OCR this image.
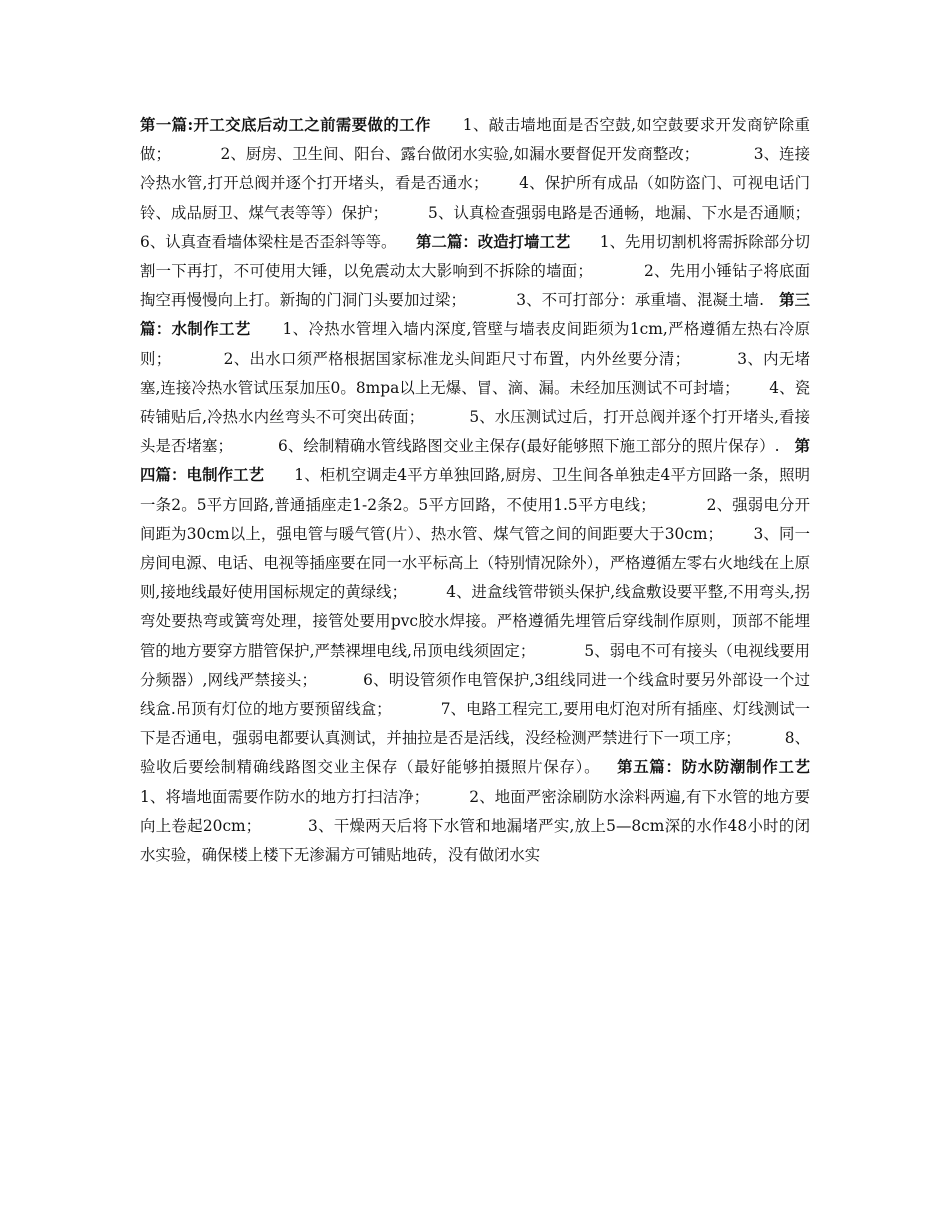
第一篇:开工交底后动工之前需要做的工作      1、敲击墙地面是否空鼓,如空鼓要求开发商铲除重做；          2、厨房、卫生间、阳台、露台做闭水实验,如漏水要督促开发商整改；           3、连接冷热水管,打开总阀并逐个打开堵头，看是否通水；      4、保护所有成品（如防盗门、可视电话门铃、成品厨卫、煤气表等等）保护；        5、认真检查强弱电路是否通畅，地漏、下水是否通顺；         6、认真查看墙体梁柱是否歪斜等等。    第二篇：改造打墙工艺      1、先用切割机将需拆除部分切割一下再打，不可使用大锤，以免震动太大影响到不拆除的墙面；          2、先用小锤钻子将底面掏空再慢慢向上打。新掏的门洞门头要加过梁；          3、不可打部分：承重墙、混凝土墙.   第三篇：水制作工艺      1、冷热水管埋入墙内深度,管壁与墙表皮间距须为1cm,严格遵循左热右冷原则；          2、出水口须严格根据国家标准龙头间距尺寸布置，内外丝要分清；         3、内无堵塞,连接冷热水管试压泵加压0。8mpa以上无爆、冒、滴、漏。未经加压测试不可封墙；      4、瓷砖铺贴后,冷热水内丝弯头不可突出砖面；         5、水压测试过后，打开总阀并逐个打开堵头,看接头是否堵塞；         6、绘制精确水管线路图交业主保存(最好能够照下施工部分的照片保存）.   第四篇：电制作工艺      1、柜机空调走4平方单独回路,厨房、卫生间各单独走4平方回路一条，照明一条2。5平方回路,普通插座走1-2条2。5平方回路，不使用1.5平方电线；          2、强弱电分开间距为30cm以上，强电管与暖气管(片）、热水管、煤气管之间的间距要大于30cm；      3、同一房间电源、电话、电视等插座要在同一水平标高上（特别情况除外），严格遵循左零右火地线在上原则,接地线最好使用国标规定的黄绿线；        4、进盒线管带锁头保护,线盒敷设要平整,不用弯头,拐弯处要热弯或簧弯处理，接管处要用pvc胶水焊接。严格遵循先埋管后穿线制作原则，顶部不能埋管的地方要穿方腊管保护,严禁裸埋电线,吊顶电线须固定；          5、弱电不可有接头（电视线要用分频器）,网线严禁接头；         6、明设管须作电管保护,3组线同进一个线盒时要另外部设一个过线盒.吊顶有灯位的地方要预留线盒；          7、电路工程完工,要用电灯泡对所有插座、灯线测试一下是否通电，强弱电都要认真测试，并抽拉是否是活线，没经检测严禁进行下一项工序；         8、验收后要绘制精确线路图交业主保存（最好能够拍摄照片保存）。   第五篇：防水防潮制作工艺      1、将墙地面需要作防水的地方打扫洁净；        2、地面严密涂刷防水涂料两遍,有下水管的地方要向上卷起20cm；         3、干燥两天后将下水管和地漏堵严实,放上5—8cm深的水作48小时的闭水实验，确保楼上楼下无渗漏方可铺贴地砖，没有做闭水实
